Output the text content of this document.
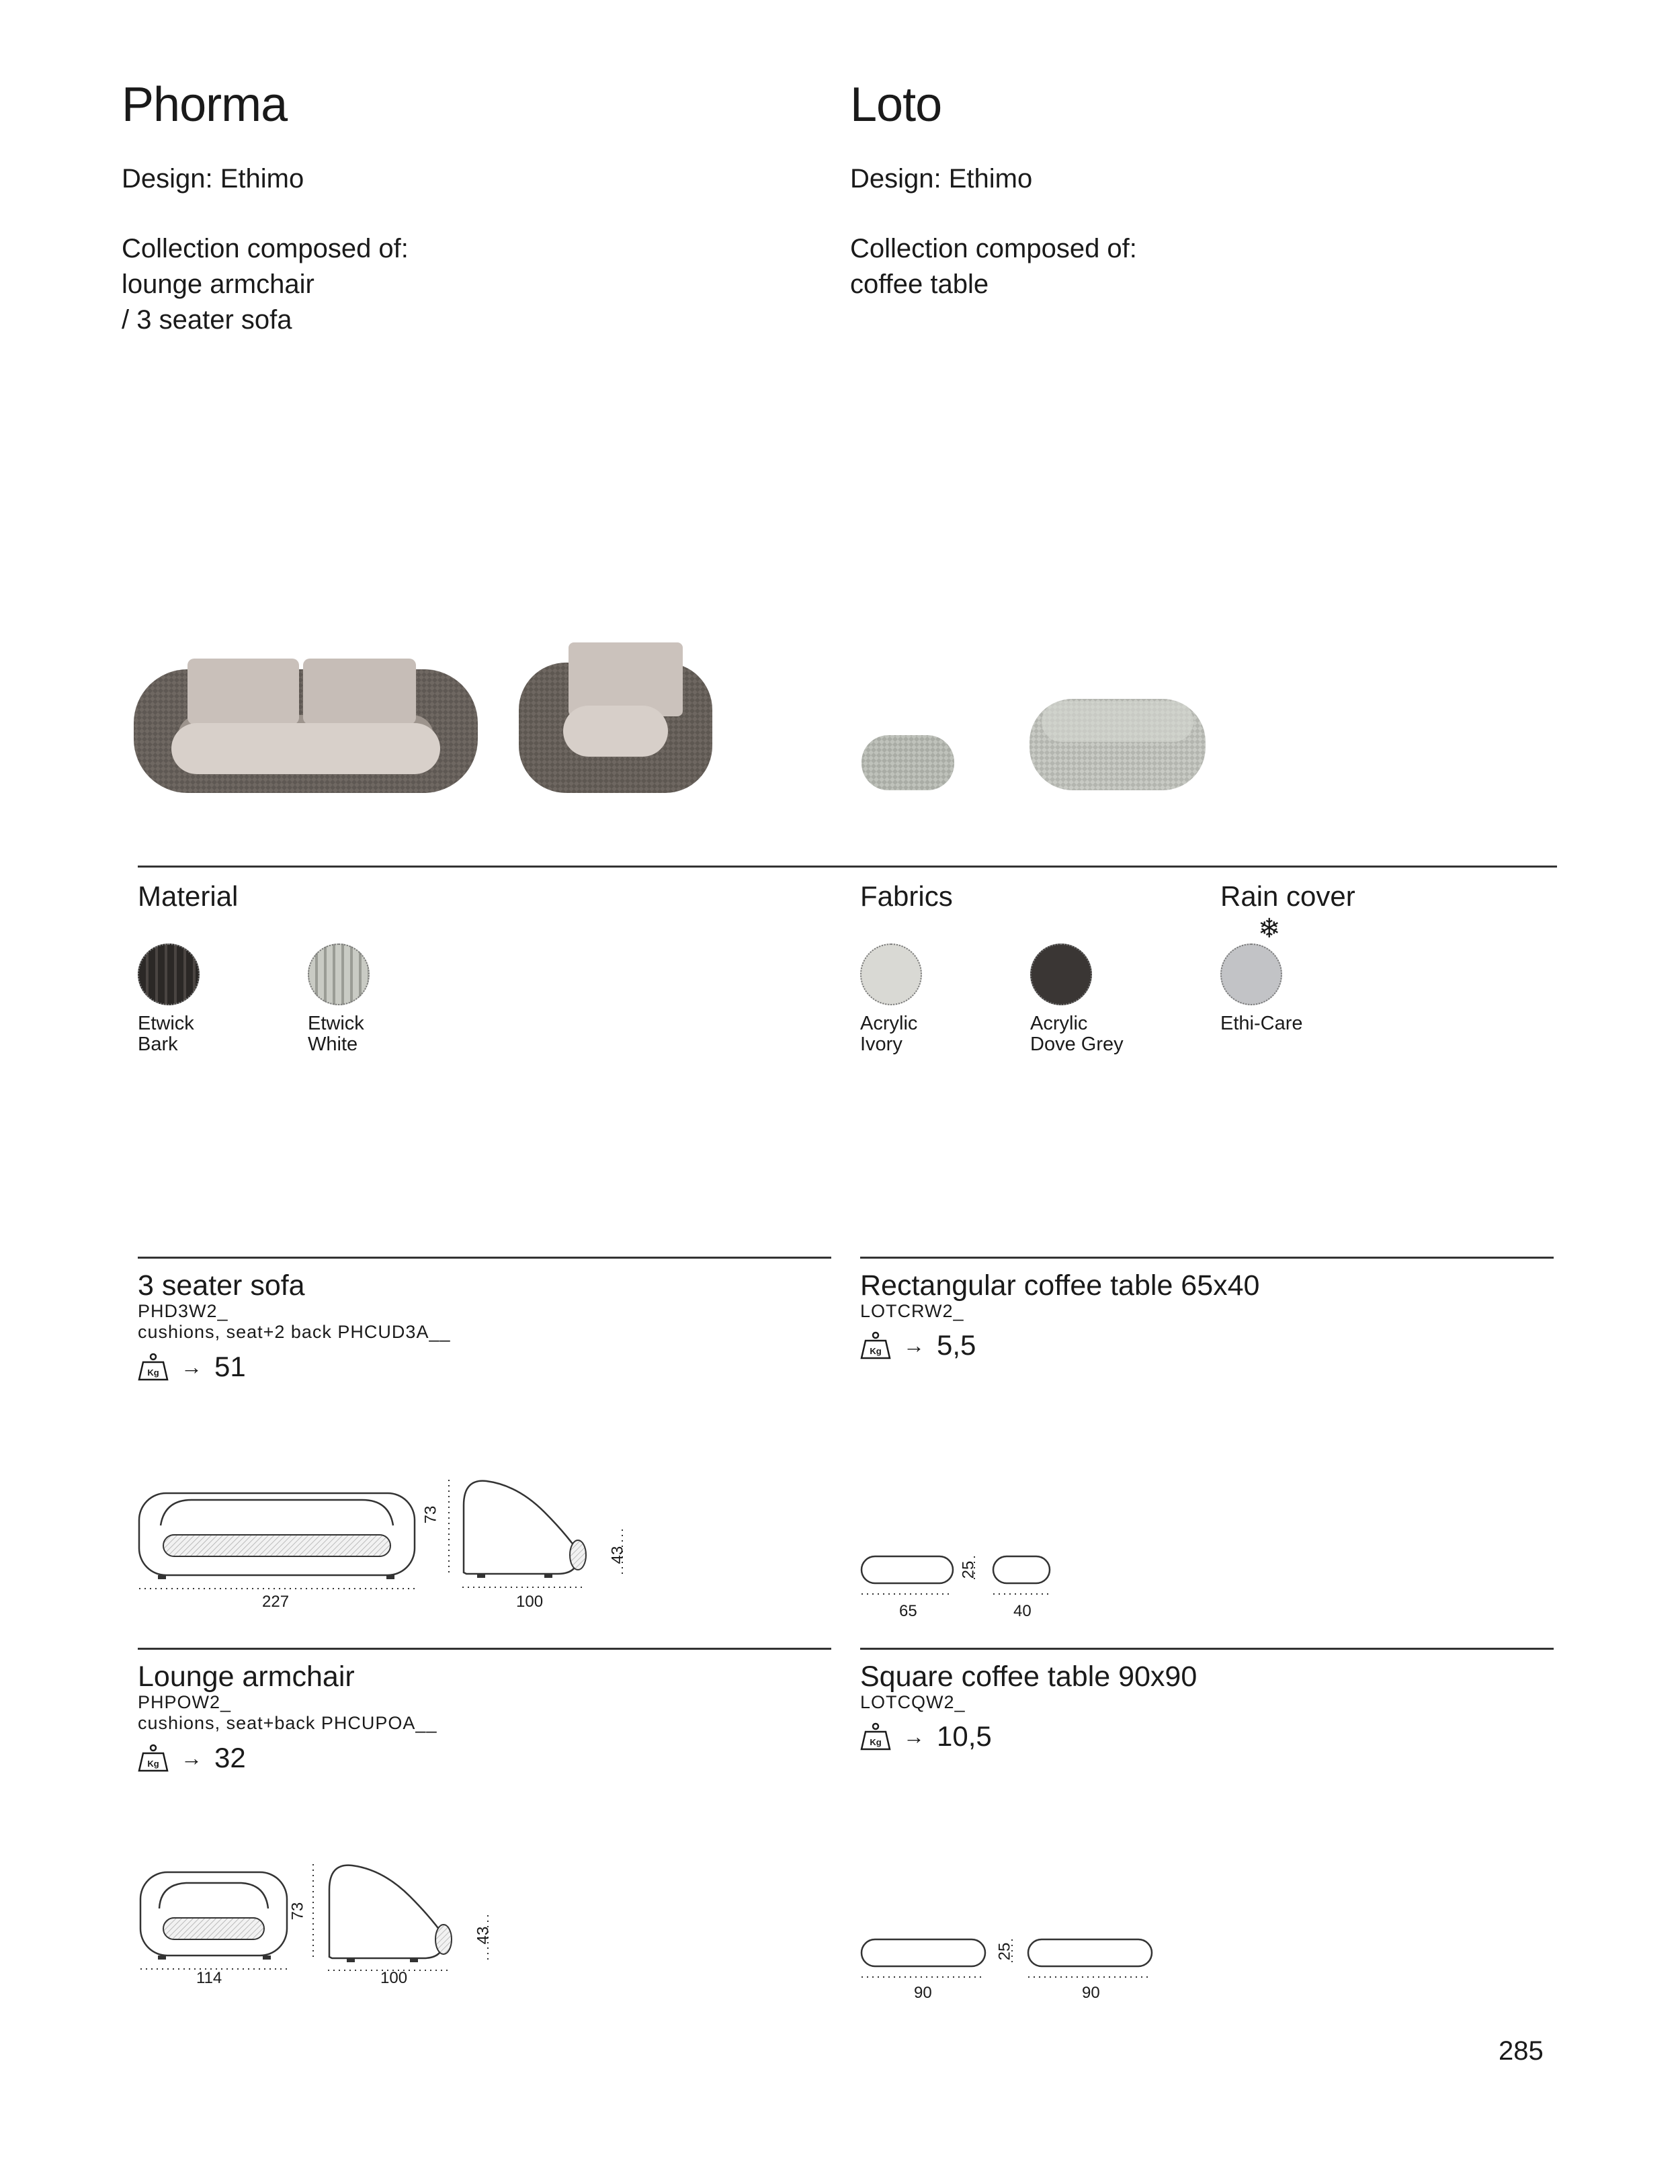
Phorma
Design: Ethimo
Collection composed of:
lounge armchair
/ 3 seater sofa
Loto
Design: Ethimo
Collection composed of:
coffee table
Material	Fabrics	Rain cover
❄
Etwick
Bark
Etwick
White
Acrylic
Ivory
Acrylic
Dove Grey
Ethi-Care
3 seater sofa
PHD3W2_
cushions, seat+2 back PHCUD3A__
Kg → 51
Rectangular coffee table 65x40
LOTCRW2_
Kg → 5,5
Lounge armchair
PHPOW2_
cushions, seat+back PHCUPOA__
Kg → 32
Square coffee table 90x90
LOTCQW2_
Kg → 10,5
227
73
100
43
65	40
25
114
73
100
43
90	90
25
285
